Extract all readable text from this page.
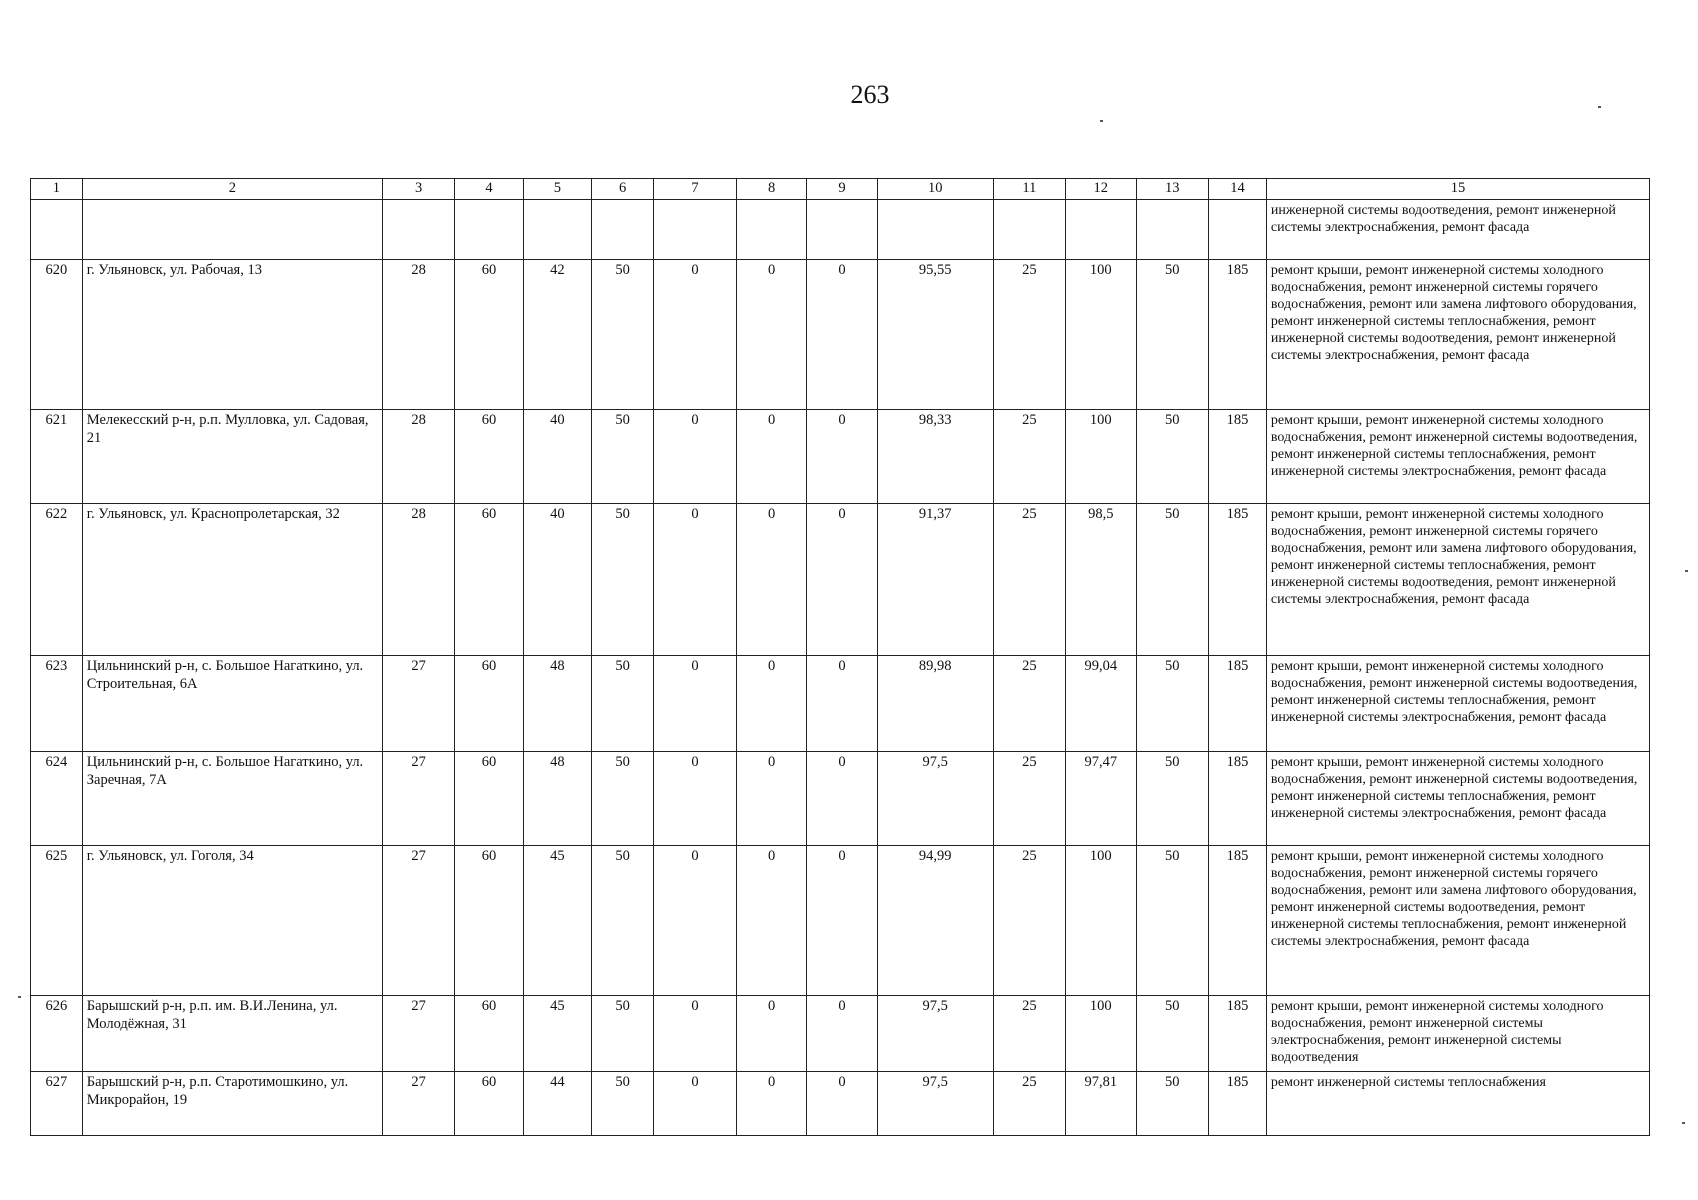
263
1	2	3	4	5	6	7	8	9	10	11	12	13	14	15
														инженерной системы водоотведения, ремонт инженерной системы электроснабжения, ремонт фасада
620	г. Ульяновск, ул. Рабочая, 13	28	60	42	50	0	0	0	95,55	25	100	50	185	ремонт крыши, ремонт инженерной системы холодного водоснабжения, ремонт инженерной системы горячего водоснабжения, ремонт или замена лифтового оборудования, ремонт инженерной системы теплоснабжения, ремонт инженерной системы водоотведения, ремонт инженерной системы электроснабжения, ремонт фасада
621	Мелекесский р-н, р.п. Мулловка, ул. Садовая, 21	28	60	40	50	0	0	0	98,33	25	100	50	185	ремонт крыши, ремонт инженерной системы холодного водоснабжения, ремонт инженерной системы водоотведения, ремонт инженерной системы теплоснабжения, ремонт инженерной системы электроснабжения, ремонт фасада
622	г. Ульяновск, ул. Краснопролетарская, 32	28	60	40	50	0	0	0	91,37	25	98,5	50	185	ремонт крыши, ремонт инженерной системы холодного водоснабжения, ремонт инженерной системы горячего водоснабжения, ремонт или замена лифтового оборудования, ремонт инженерной системы теплоснабжения, ремонт инженерной системы водоотведения, ремонт инженерной системы электроснабжения, ремонт фасада
623	Цильнинский р-н, с. Большое Нагаткино, ул. Строительная, 6А	27	60	48	50	0	0	0	89,98	25	99,04	50	185	ремонт крыши, ремонт инженерной системы холодного водоснабжения, ремонт инженерной системы водоотведения, ремонт инженерной системы теплоснабжения, ремонт инженерной системы электроснабжения, ремонт фасада
624	Цильнинский р-н, с. Большое Нагаткино, ул. Заречная, 7А	27	60	48	50	0	0	0	97,5	25	97,47	50	185	ремонт крыши, ремонт инженерной системы холодного водоснабжения, ремонт инженерной системы водоотведения, ремонт инженерной системы теплоснабжения, ремонт инженерной системы электроснабжения, ремонт фасада
625	г. Ульяновск, ул. Гоголя, 34	27	60	45	50	0	0	0	94,99	25	100	50	185	ремонт крыши, ремонт инженерной системы холодного водоснабжения, ремонт инженерной системы горячего водоснабжения, ремонт или замена лифтового оборудования, ремонт инженерной системы водоотведения, ремонт инженерной системы теплоснабжения, ремонт инженерной системы электроснабжения, ремонт фасада
626	Барышский р-н, р.п. им. В.И.Ленина, ул. Молодёжная, 31	27	60	45	50	0	0	0	97,5	25	100	50	185	ремонт крыши, ремонт инженерной системы холодного водоснабжения, ремонт инженерной системы электроснабжения, ремонт инженерной системы водоотведения
627	Барышский р-н, р.п. Старотимошкино, ул. Микрорайон, 19	27	60	44	50	0	0	0	97,5	25	97,81	50	185	ремонт инженерной системы теплоснабжения
